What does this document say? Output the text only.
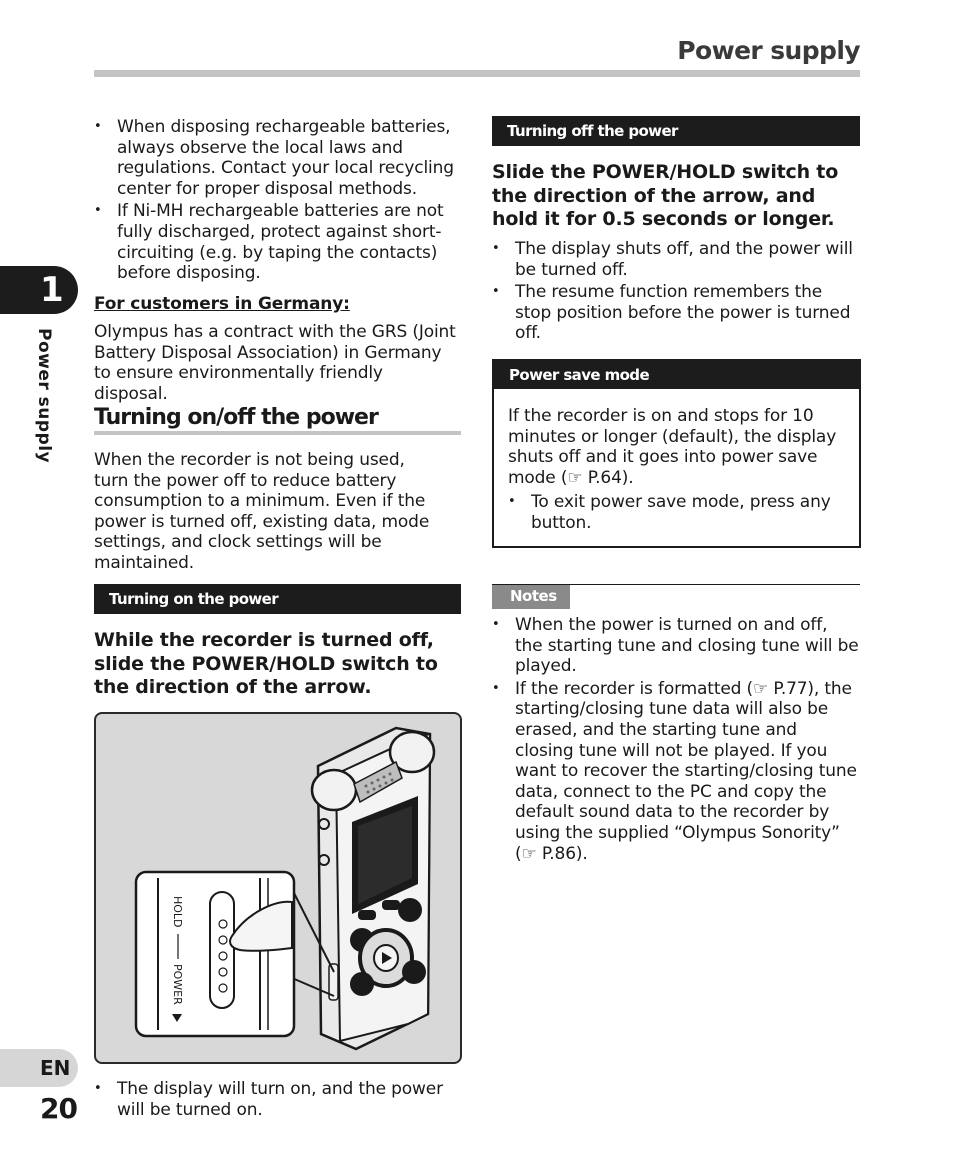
Power supply
1
Power supply
EN
20

• When disposing rechargeable batteries, always observe the local laws and regulations. Contact your local recycling center for proper disposal methods.

• If Ni-MH rechargeable batteries are not fully discharged, protect against short-circuiting (e.g. by taping the contacts) before disposing.

For customers in Germany:
Olympus has a contract with the GRS (Joint Battery Disposal Association) in Germany to ensure environmentally friendly disposal.
Turning on/off the power
When the recorder is not being used, turn the power off to reduce battery consumption to a minimum. Even if the power is turned off, existing data, mode settings, and clock settings will be maintained.
Turning on the power
While the recorder is turned off, slide the POWER/HOLD switch to the direction of the arrow.
HOLD
POWER

• The display will turn on, and the power will be turned on.

Turning off the power
Slide the POWER/HOLD switch to the direction of the arrow, and hold it for 0.5 seconds or longer.

• The display shuts off, and the power will be turned off.

• The resume function remembers the stop position before the power is turned off.

Power save mode

If the recorder is on and stops for 10 minutes or longer (default), the display shuts off and it goes into power save mode (☞ P.64).

• To exit power save mode, press any button.

Notes

• When the power is turned on and off, the starting tune and closing tune will be played.

• If the recorder is formatted (☞ P.77), the starting/closing tune data will also be erased, and the starting tune and closing tune will not be played. If you want to recover the starting/closing tune data, connect to the PC and copy the default sound data to the recorder by using the supplied “Olympus Sonority” (☞ P.86).
